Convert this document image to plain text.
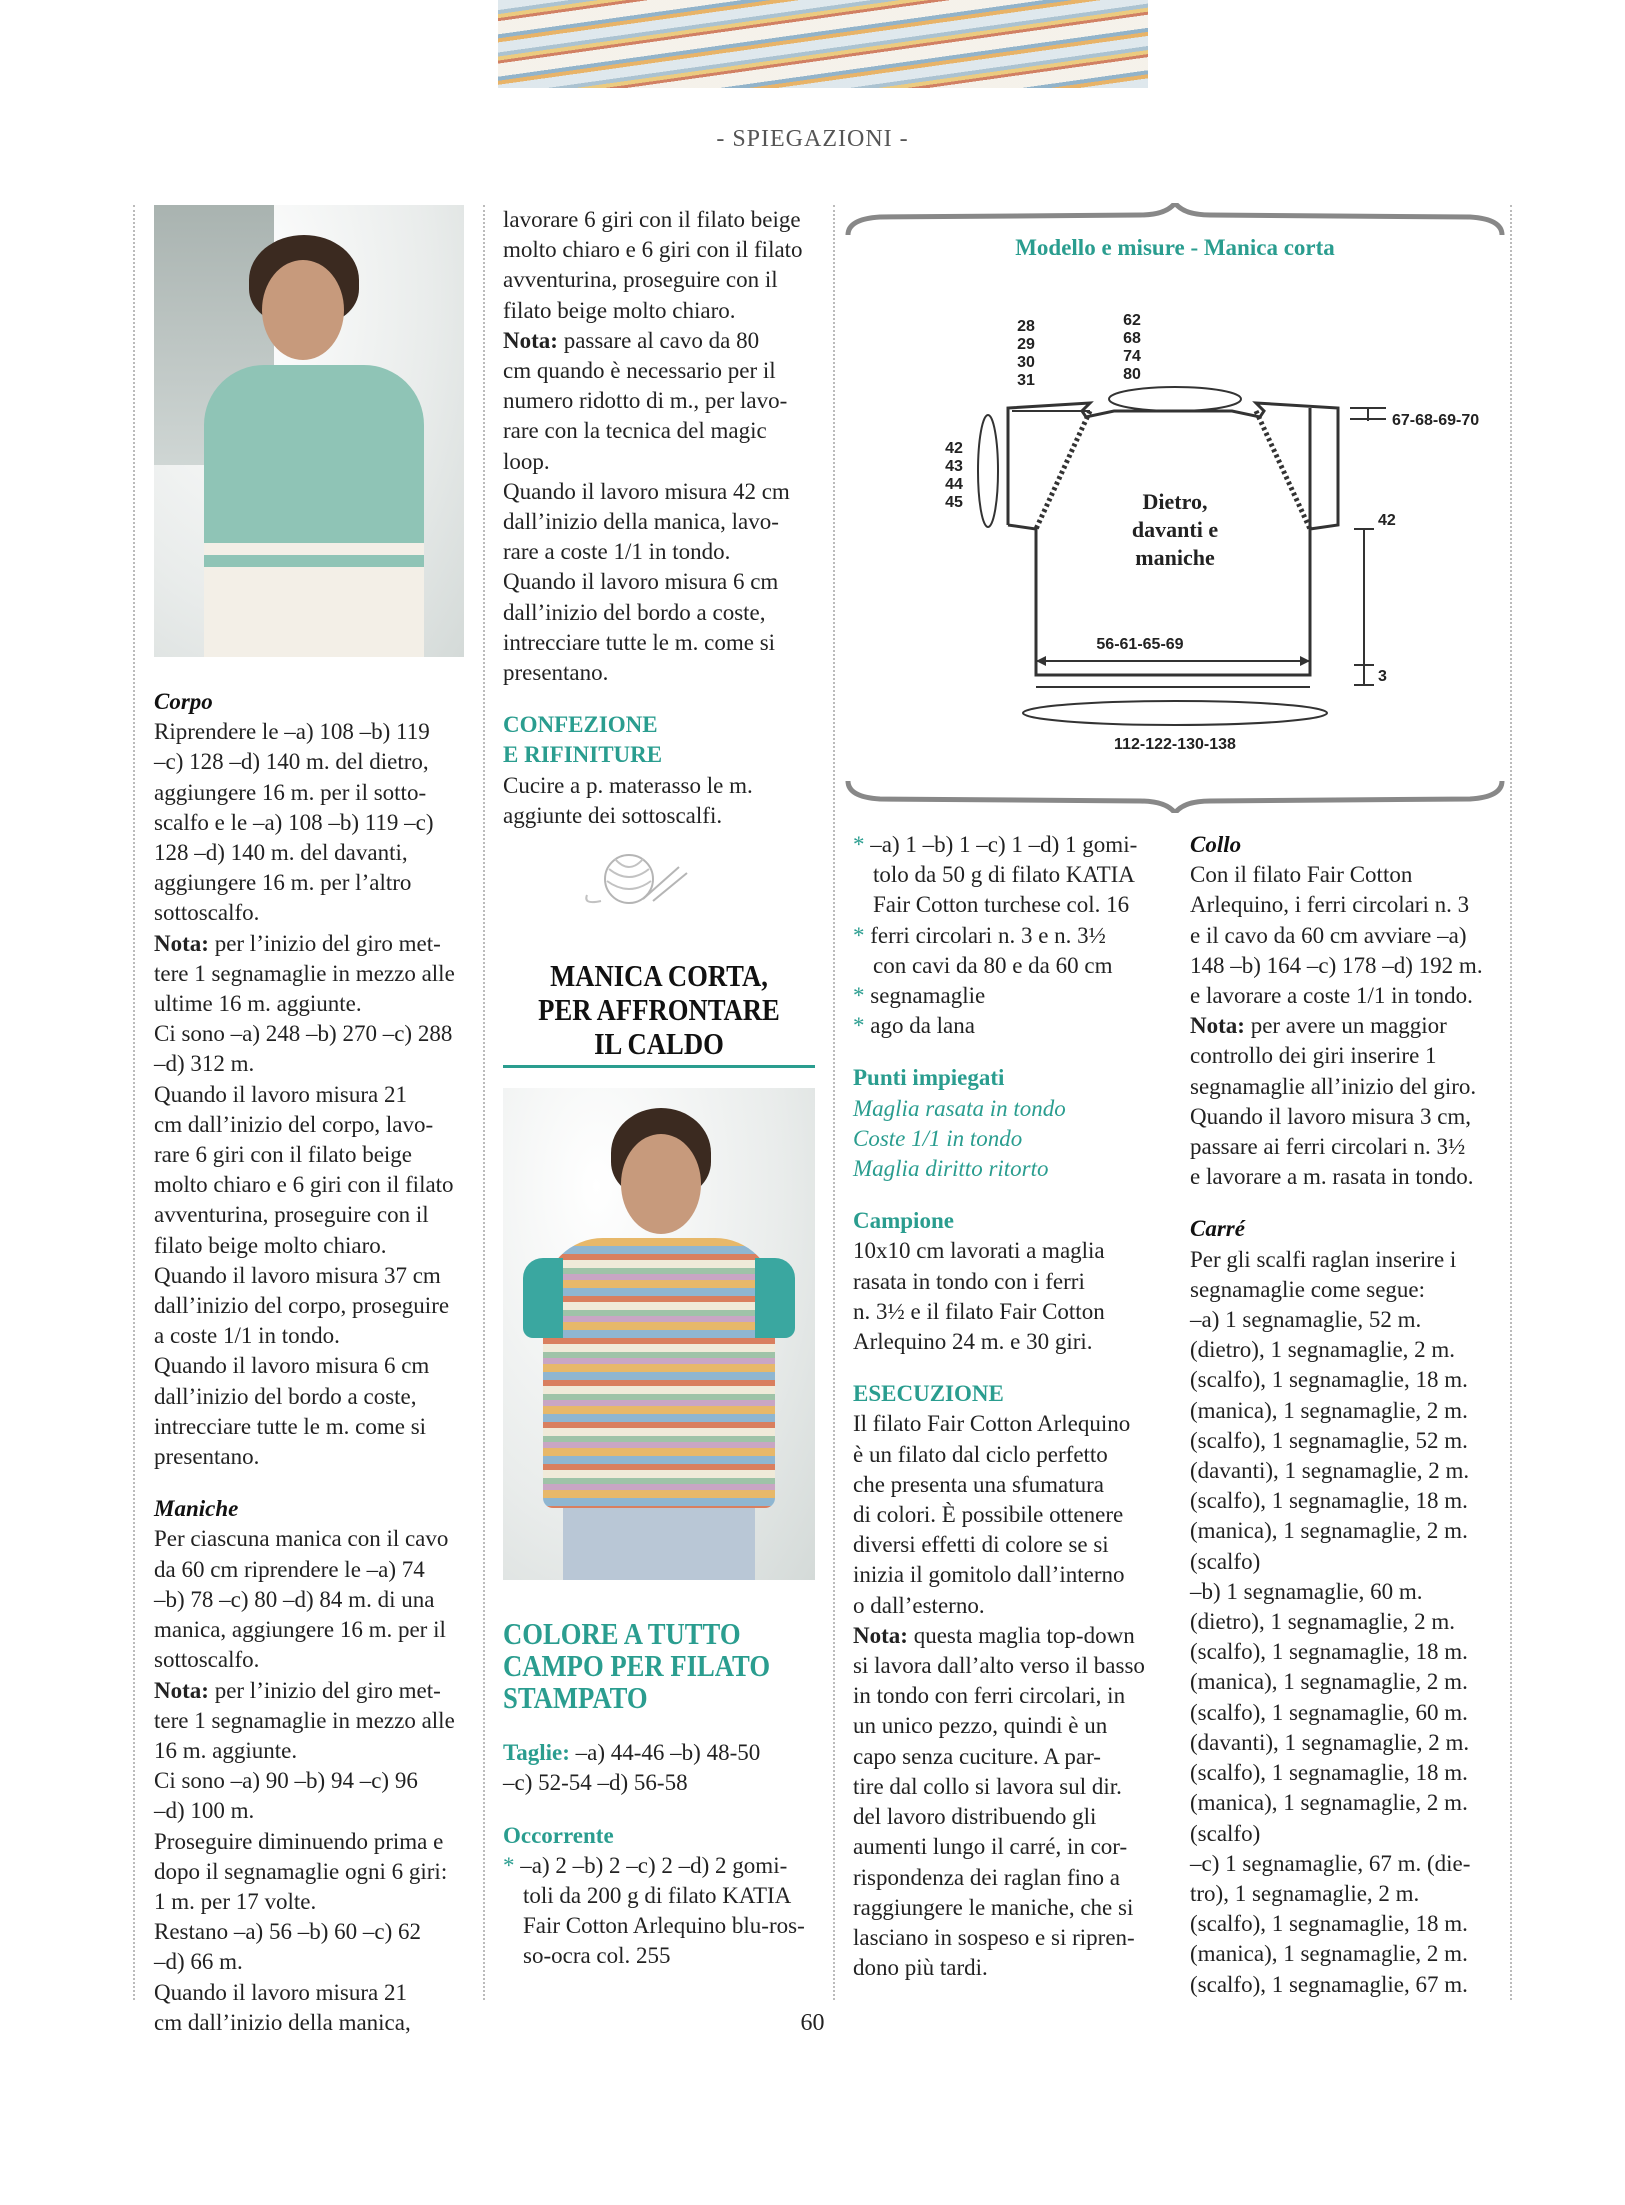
- SPIEGAZIONI -

Corpo

Riprendere le –a) 108 –b) 119

–c) 128 –d) 140 m. del dietro,

aggiungere 16 m. per il sotto-

scalfo e le –a) 108 –b) 119 –c)

128 –d) 140 m. del davanti,

aggiungere 16 m. per l’altro

sottoscalfo.

Nota: per l’inizio del giro met-

tere 1 segnamaglie in mezzo alle

ultime 16 m. aggiunte.

Ci sono –a) 248 –b) 270 –c) 288

–d) 312 m.

Quando il lavoro misura 21

cm dall’inizio del corpo, lavo-

rare 6 giri con il filato beige

molto chiaro e 6 giri con il filato

avventurina, proseguire con il

filato beige molto chiaro.

Quando il lavoro misura 37 cm

dall’inizio del corpo, proseguire

a coste 1/1 in tondo.

Quando il lavoro misura 6 cm

dall’inizio del bordo a coste,

intrecciare tutte le m. come si

presentano.

Maniche

Per ciascuna manica con il cavo

da 60 cm riprendere le –a) 74

–b) 78 –c) 80 –d) 84 m. di una

manica, aggiungere 16 m. per il

sottoscalfo.

Nota: per l’inizio del giro met-

tere 1 segnamaglie in mezzo alle

16 m. aggiunte.

Ci sono –a) 90 –b) 94 –c) 96

–d) 100 m.

Proseguire diminuendo prima e

dopo il segnamaglie ogni 6 giri:

1 m. per 17 volte.

Restano –a) 56 –b) 60 –c) 62

–d) 66 m.

Quando il lavoro misura 21

cm dall’inizio della manica,

lavorare 6 giri con il filato beige

molto chiaro e 6 giri con il filato

avventurina, proseguire con il

filato beige molto chiaro.

Nota: passare al cavo da 80

cm quando è necessario per il

numero ridotto di m., per lavo-

rare con la tecnica del magic

loop.

Quando il lavoro misura 42 cm

dall’inizio della manica, lavo-

rare a coste 1/1 in tondo.

Quando il lavoro misura 6 cm

dall’inizio del bordo a coste,

intrecciare tutte le m. come si

presentano.

CONFEZIONE

E RIFINITURE

Cucire a p. materasso le m.

aggiunte dei sottoscalfi.

MANICA CORTA,

PER AFFRONTARE

IL CALDO

COLORE A TUTTO

CAMPO PER FILATO

STAMPATO

Taglie: –a) 44-46 –b) 48-50

–c) 52-54 –d) 56-58

Occorrente

* –a) 2 –b) 2 –c) 2 –d) 2 gomi-

toli da 200 g di filato KATIA

Fair Cotton Arlequino blu-ros-

so-ocra col. 255

Modello e misure - Manica corta
28
29
30
31
62
68
74
80
67-68-69-70
42
43
44
45	Dietro,
davanti e
maniche
42
56-61-65-69
3
112-122-130-138

* –a) 1 –b) 1 –c) 1 –d) 1 gomi-

tolo da 50 g di filato KATIA

Fair Cotton turchese col. 16

* ferri circolari n. 3 e n. 3½

con cavi da 80 e da 60 cm

* segnamaglie

* ago da lana

Punti impiegati

Maglia rasata in tondo

Coste 1/1 in tondo

Maglia diritto ritorto

Campione

10x10 cm lavorati a maglia

rasata in tondo con i ferri

n. 3½ e il filato Fair Cotton

Arlequino 24 m. e 30 giri.

ESECUZIONE

Il filato Fair Cotton Arlequino

è un filato dal ciclo perfetto

che presenta una sfumatura

di colori. È possibile ottenere

diversi effetti di colore se si

inizia il gomitolo dall’interno

o dall’esterno.

Nota: questa maglia top-down

si lavora dall’alto verso il basso

in tondo con ferri circolari, in

un unico pezzo, quindi è un

capo senza cuciture. A par-

tire dal collo si lavora sul dir.

del lavoro distribuendo gli

aumenti lungo il carré, in cor-

rispondenza dei raglan fino a

raggiungere le maniche, che si

lasciano in sospeso e si ripren-

dono più tardi.

Collo

Con il filato Fair Cotton

Arlequino, i ferri circolari n. 3

e il cavo da 60 cm avviare –a)

148 –b) 164 –c) 178 –d) 192 m.

e lavorare a coste 1/1 in tondo.

Nota: per avere un maggior

controllo dei giri inserire 1

segnamaglie all’inizio del giro.

Quando il lavoro misura 3 cm,

passare ai ferri circolari n. 3½

e lavorare a m. rasata in tondo.

Carré

Per gli scalfi raglan inserire i

segnamaglie come segue:

–a) 1 segnamaglie, 52 m.

(dietro), 1 segnamaglie, 2 m.

(scalfo), 1 segnamaglie, 18 m.

(manica), 1 segnamaglie, 2 m.

(scalfo), 1 segnamaglie, 52 m.

(davanti), 1 segnamaglie, 2 m.

(scalfo), 1 segnamaglie, 18 m.

(manica), 1 segnamaglie, 2 m.

(scalfo)

–b) 1 segnamaglie, 60 m.

(dietro), 1 segnamaglie, 2 m.

(scalfo), 1 segnamaglie, 18 m.

(manica), 1 segnamaglie, 2 m.

(scalfo), 1 segnamaglie, 60 m.

(davanti), 1 segnamaglie, 2 m.

(scalfo), 1 segnamaglie, 18 m.

(manica), 1 segnamaglie, 2 m.

(scalfo)

–c) 1 segnamaglie, 67 m. (die-

tro), 1 segnamaglie, 2 m.

(scalfo), 1 segnamaglie, 18 m.

(manica), 1 segnamaglie, 2 m.

(scalfo), 1 segnamaglie, 67 m.

60
